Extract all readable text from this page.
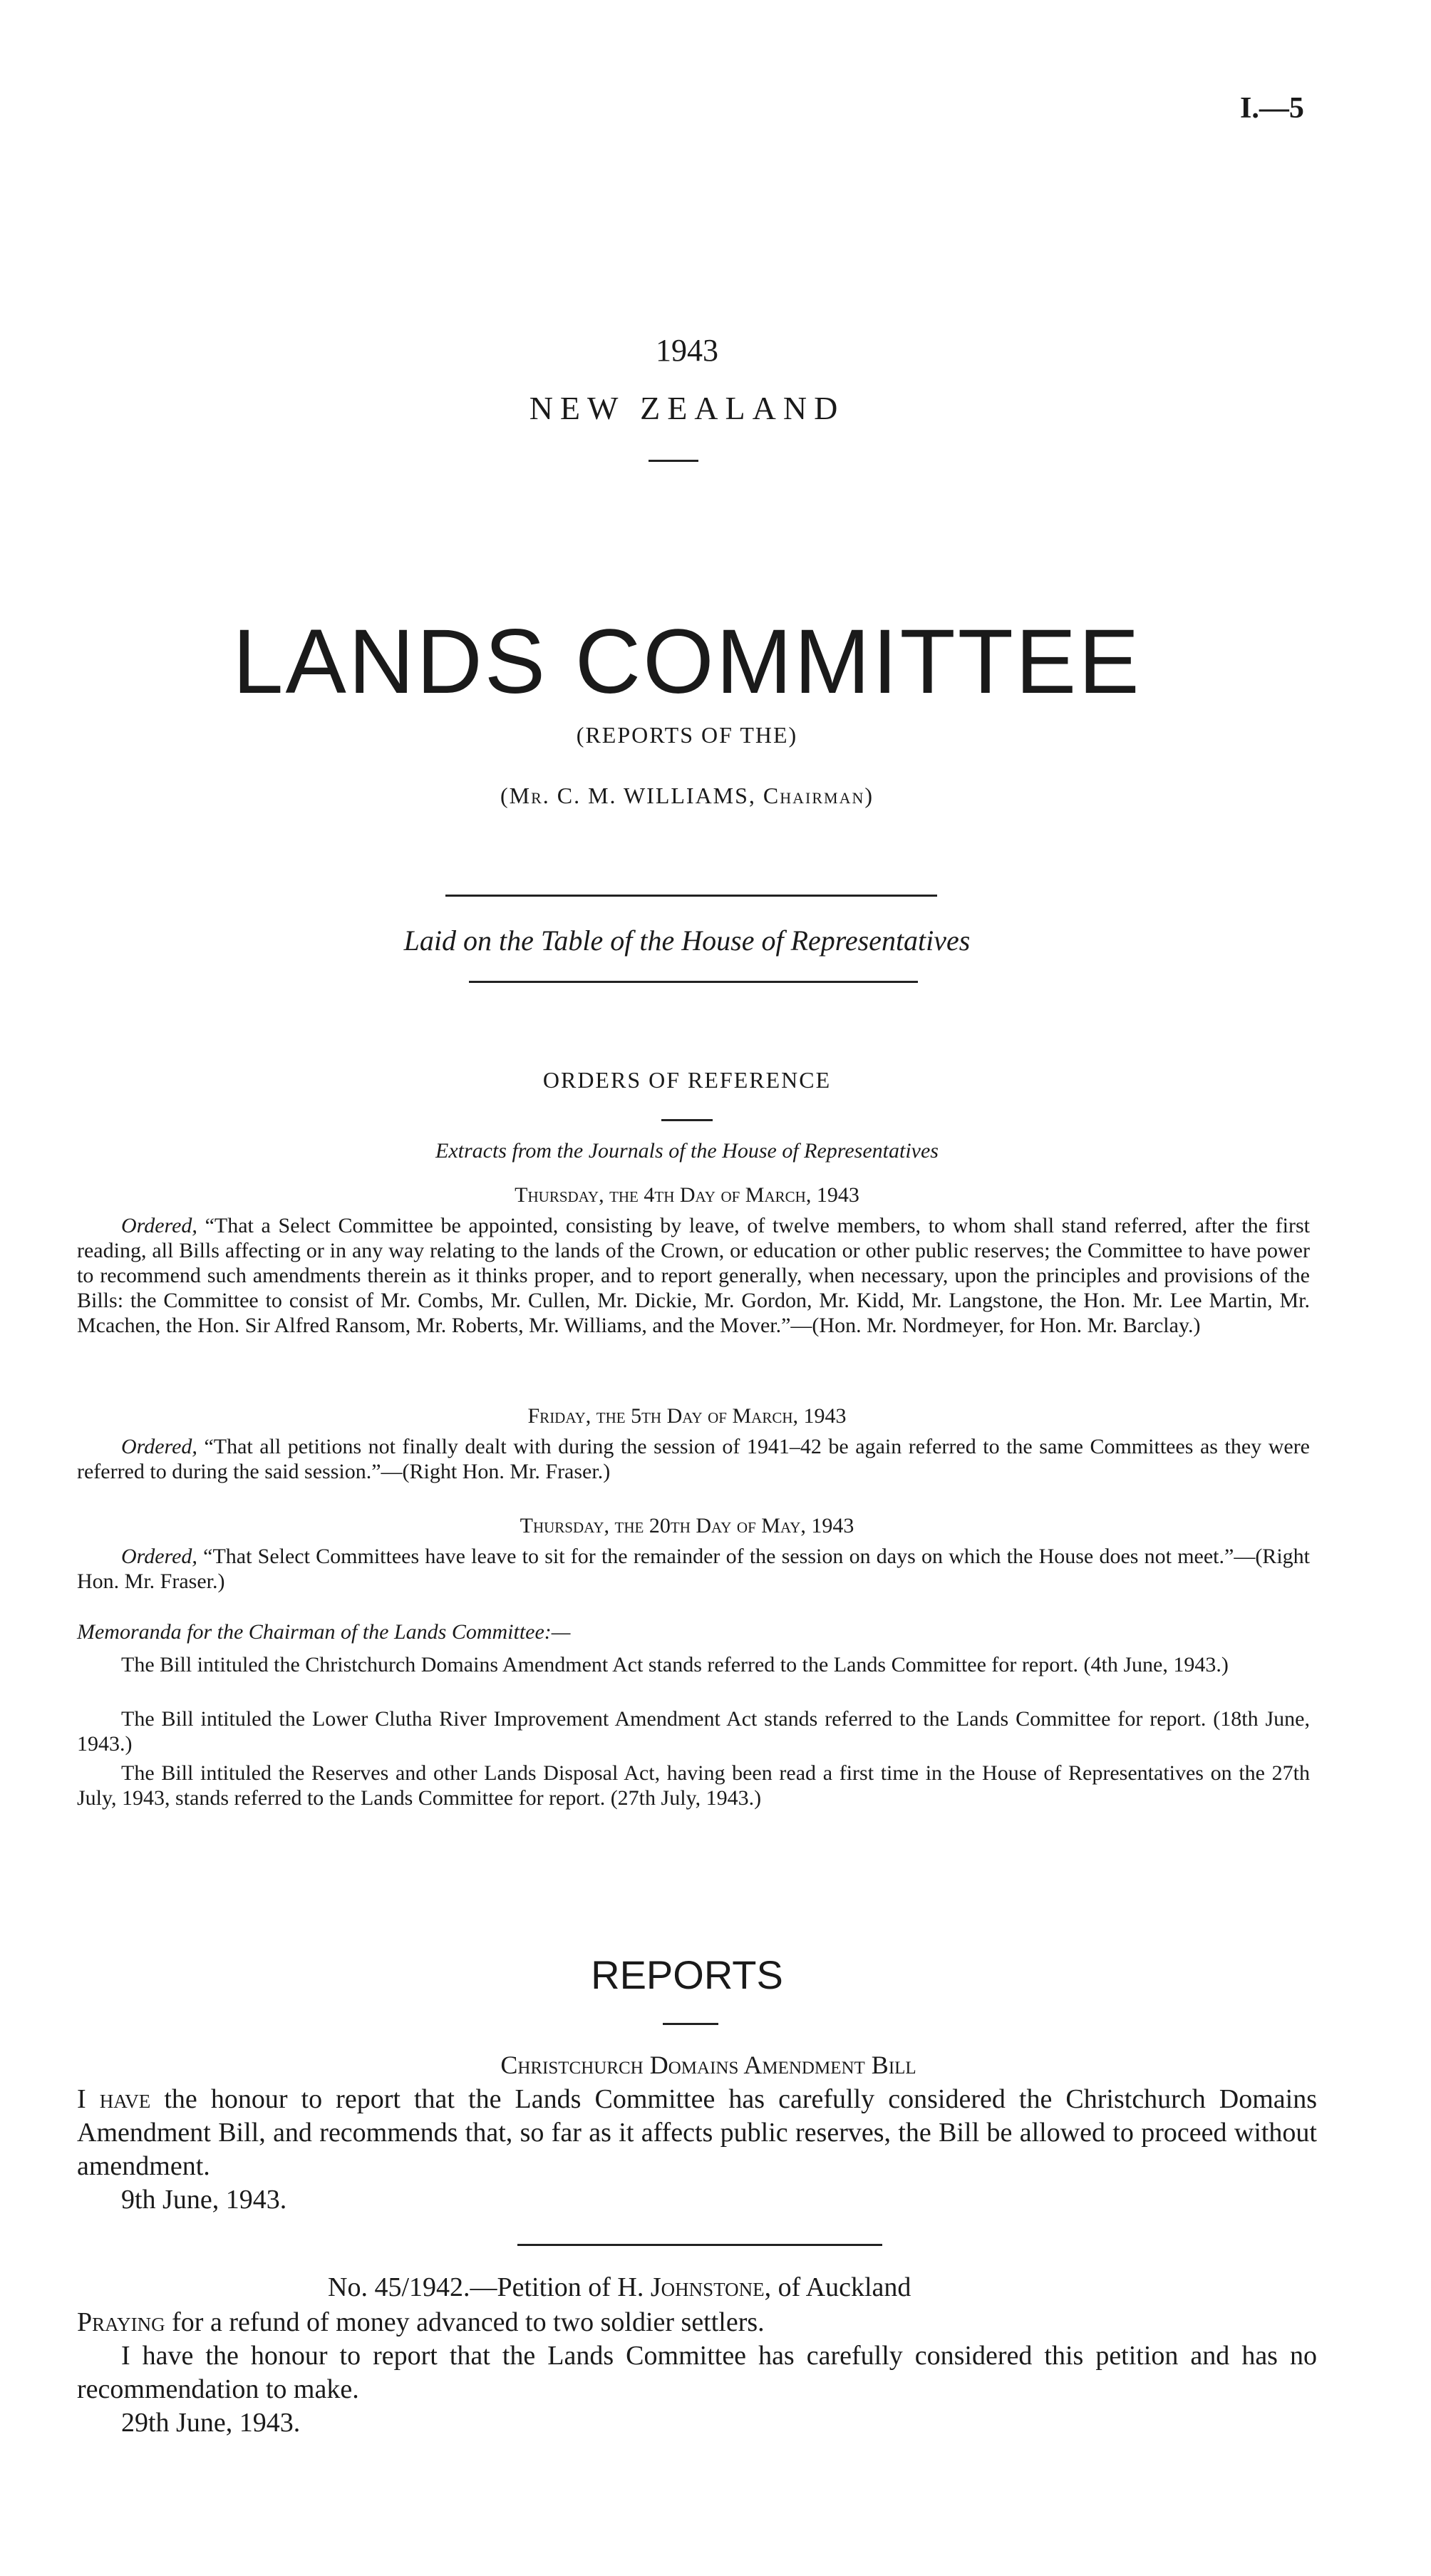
I.—5
1943
NEW ZEALAND
LANDS COMMITTEE
(REPORTS OF THE)
(Mr. C. M. WILLIAMS, Chairman)
Laid on the Table of the House of Representatives
ORDERS OF REFERENCE
Extracts from the Journals of the House of Representatives
Thursday, the 4th Day of March, 1943
Ordered, “That a Select Committee be appointed, consisting by leave, of twelve members, to whom shall stand referred, after the first reading, all Bills affecting or in any way relating to the lands of the Crown, or education or other public reserves; the Committee to have power to recommend such amendments therein as it thinks proper, and to report generally, when necessary, upon the principles and provisions of the Bills: the Committee to consist of Mr. Combs, Mr. Cullen, Mr. Dickie, Mr. Gordon, Mr. Kidd, Mr. Langstone, the Hon. Mr. Lee Martin, Mr. Mcachen, the Hon. Sir Alfred Ransom, Mr. Roberts, Mr. Williams, and the Mover.”—(Hon. Mr. Nordmeyer, for Hon. Mr. Barclay.)
Friday, the 5th Day of March, 1943
Ordered, “That all petitions not finally dealt with during the session of 1941–42 be again referred to the same Committees as they were referred to during the said session.”—(Right Hon. Mr. Fraser.)
Thursday, the 20th Day of May, 1943
Ordered, “That Select Committees have leave to sit for the remainder of the session on days on which the House does not meet.”—(Right Hon. Mr. Fraser.)
Memoranda for the Chairman of the Lands Committee:—
The Bill intituled the Christchurch Domains Amendment Act stands referred to the Lands Committee for report. (4th June, 1943.)
The Bill intituled the Lower Clutha River Improvement Amendment Act stands referred to the Lands Committee for report. (18th June, 1943.)
The Bill intituled the Reserves and other Lands Disposal Act, having been read a first time in the House of Representatives on the 27th July, 1943, stands referred to the Lands Committee for report. (27th July, 1943.)
REPORTS
Christchurch Domains Amendment Bill
I have the honour to report that the Lands Committee has carefully considered the Christchurch Domains Amendment Bill, and recommends that, so far as it affects public reserves, the Bill be allowed to proceed without amendment.
9th June, 1943.
No. 45/1942.—Petition of H. Johnstone, of Auckland
Praying for a refund of money advanced to two soldier settlers.
I have the honour to report that the Lands Committee has carefully considered this petition and has no recommendation to make.
29th June, 1943.
